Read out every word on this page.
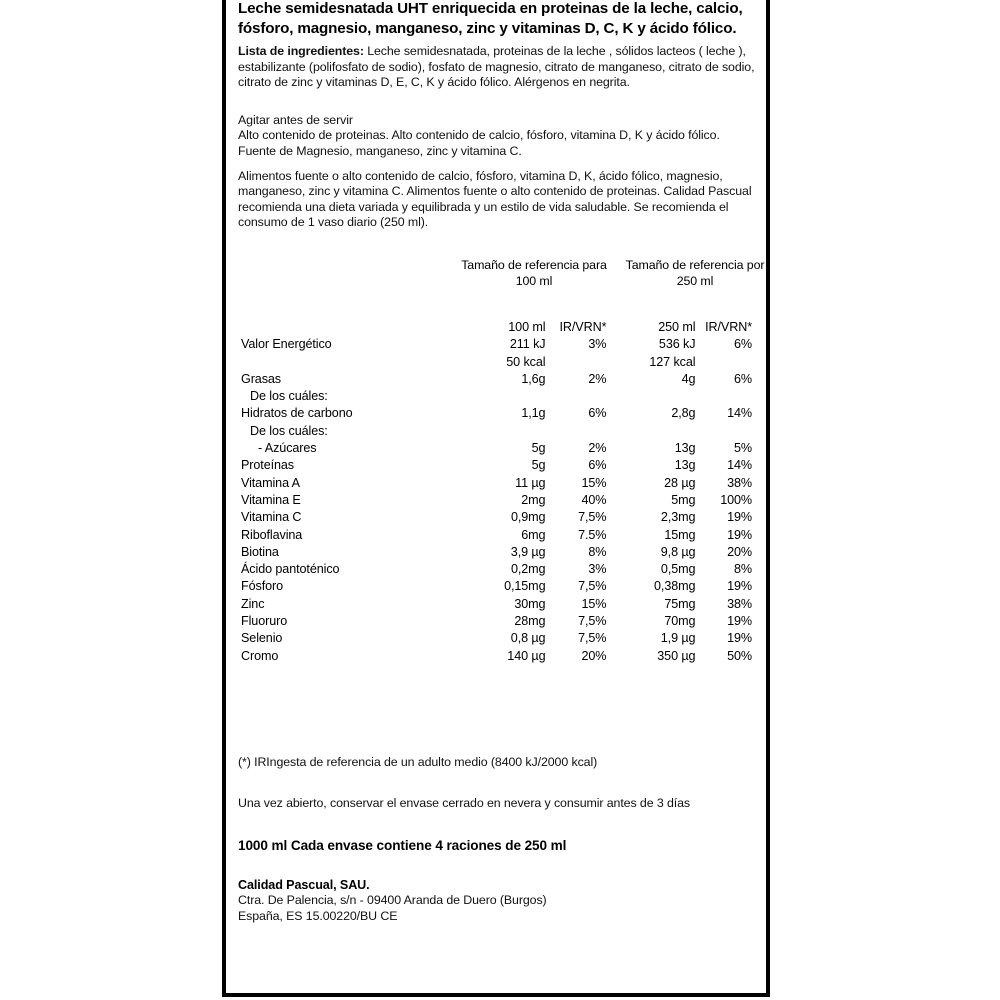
Leche semidesnatada UHT enriquecida en proteinas de la leche, calcio, fósforo, magnesio, manganeso, zinc y vitaminas D, C, K y ácido fólico.

Lista de ingredientes: Leche semidesnatada, proteinas de la leche , sólidos lacteos ( leche ), estabilizante (polifosfato de sodio), fosfato de magnesio, citrato de manganeso, citrato de sodio, citrato de zinc y vitaminas D, E, C, K y ácido fólico. Alérgenos en negrita.

Agitar antes de servir

Alto contenido de proteinas. Alto contenido de calcio, fósforo, vitamina D, K y ácido fólico. Fuente de Magnesio, manganeso, zinc y vitamina C.

Alimentos fuente o alto contenido de calcio, fósforo, vitamina D, K, ácido fólico, magnesio, manganeso, zinc y vitamina C. Alimentos fuente o alto contenido de proteinas. Calidad Pascual recomienda una dieta variada y equilibrada y un estilo de vida saludable. Se recomienda el consumo de 1 vaso diario (250 ml).

Tamaño de referencia para 100 ml
Tamaño de referencia por 250 ml
	100 ml	IR/VRN*	250 ml	IR/VRN*
Valor Energético	211 kJ	3%	536 kJ	6%
	50 kcal		127 kcal	
Grasas	1,6g	2%	4g	6%
De los cuáles:				
Hidratos de carbono	1,1g	6%	2,8g	14%
De los cuáles:				
- Azúcares	5g	2%	13g	5%
Proteínas	5g	6%	13g	14%
Vitamina A	11 µg	15%	28 µg	38%
Vitamina E	2mg	40%	5mg	100%
Vitamina C	0,9mg	7,5%	2,3mg	19%
Riboflavina	6mg	7.5%	15mg	19%
Biotina	3,9 µg	8%	9,8 µg	20%
Ácido pantoténico	0,2mg	3%	0,5mg	8%
Fósforo	0,15mg	7,5%	0,38mg	19%
Zinc	30mg	15%	75mg	38%
Fluoruro	28mg	7,5%	70mg	19%
Selenio	0,8 µg	7,5%	1,9 µg	19%
Cromo	140 µg	20%	350 µg	50%

(*) IRIngesta de referencia de un adulto medio (8400 kJ/2000 kcal)

Una vez abierto, conservar el envase cerrado en nevera y consumir antes de 3 días

1000 ml Cada envase contiene 4 raciones de 250 ml
Calidad Pascual, SAU.

Ctra. De Palencia, s/n - 09400 Aranda de Duero (Burgos)

España, ES 15.00220/BU CE
